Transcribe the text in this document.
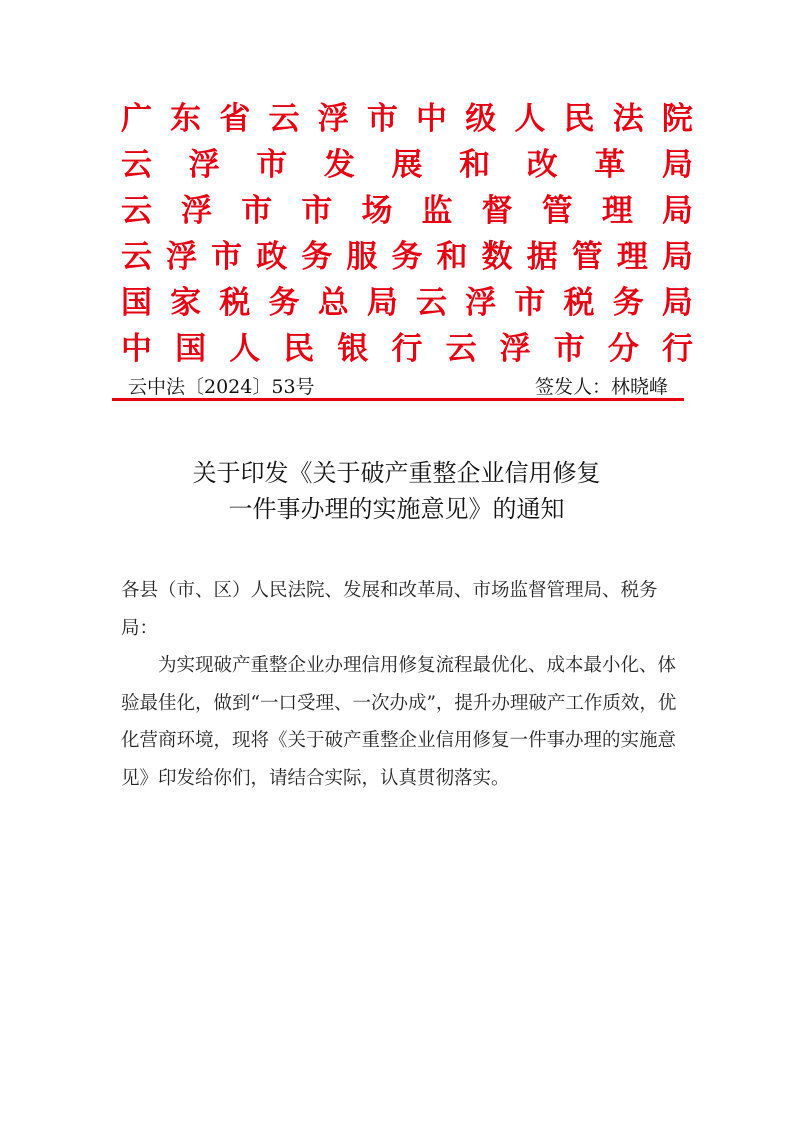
广 东 省 云 浮 市 中 级 人 民 法 院
云 浮 市 发 展 和 改 革 局
云 浮 市 市 场 监 督 管 理 局
云 浮 市 政 务 服 务 和 数 据 管 理 局
国 家 税 务 总 局 云 浮 市 税 务 局
中 国 人 民 银 行 云 浮 市 分 行
云中法〔2024〕53号	签发人：林晓峰
关于印发《关于破产重整企业信用修复
一件事办理的实施意见》的通知

各县（市、区）人民法院、发展和改革局、市场监督管理局、税务局：

为实现破产重整企业办理信用修复流程最优化、成本最小化、体验最佳化，做到“一口受理、一次办成”，提升办理破产工作质效，优化营商环境，现将《关于破产重整企业信用修复一件事办理的实施意见》印发给你们，请结合实际，认真贯彻落实。
